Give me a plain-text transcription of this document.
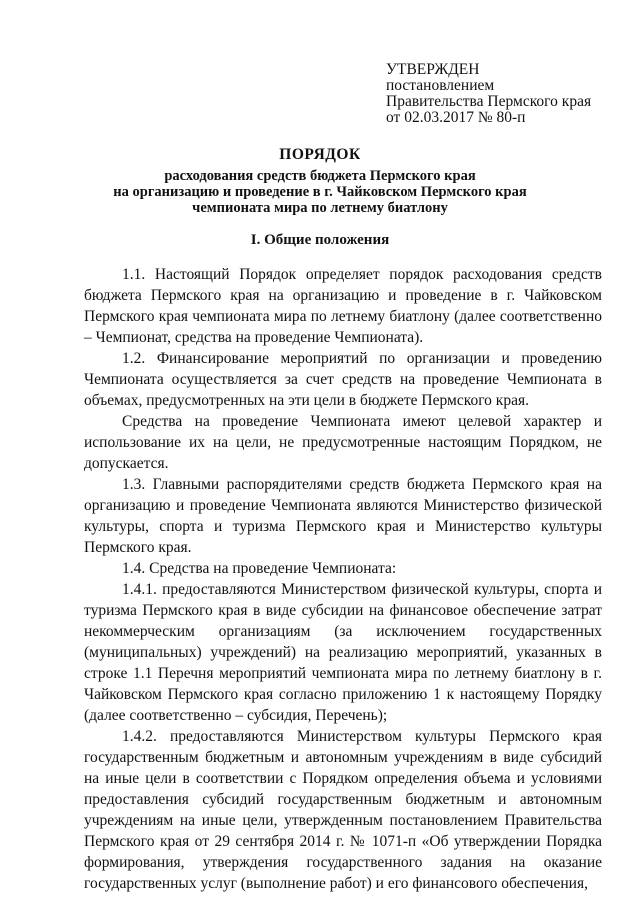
УТВЕРЖДЕН
постановлением
Правительства Пермского края
от 02.03.2017 № 80-п
ПОРЯДОК
расходования средств бюджета Пермского края
на организацию и проведение в г. Чайковском Пермского края
чемпионата мира по летнему биатлону
I. Общие положения

1.1. Настоящий Порядок определяет порядок расходования средств бюджета Пермского края на организацию и проведение в г. Чайковском Пермского края чемпионата мира по летнему биатлону (далее соответственно – Чемпионат, средства на проведение Чемпионата).

1.2. Финансирование мероприятий по организации и проведению Чемпионата осуществляется за счет средств на проведение Чемпионата в объемах, предусмотренных на эти цели в бюджете Пермского края.

Средства на проведение Чемпионата имеют целевой характер и использование их на цели, не предусмотренные настоящим Порядком, не допускается.

1.3. Главными распорядителями средств бюджета Пермского края на организацию и проведение Чемпионата являются Министерство физической культуры, спорта и туризма Пермского края и Министерство культуры Пермского края.

1.4. Средства на проведение Чемпионата:

1.4.1. предоставляются Министерством физической культуры, спорта и туризма Пермского края в виде субсидии на финансовое обеспечение затрат некоммерческим организациям (за исключением государственных (муниципальных) учреждений) на реализацию мероприятий, указанных в строке 1.1 Перечня мероприятий чемпионата мира по летнему биатлону в г. Чайковском Пермского края согласно приложению 1 к настоящему Порядку (далее соответственно – субсидия, Перечень);

1.4.2. предоставляются Министерством культуры Пермского края государственным бюджетным и автономным учреждениям в виде субсидий на иные цели в соответствии с Порядком определения объема и условиями предоставления субсидий государственным бюджетным и автономным учреждениям на иные цели, утвержденным постановлением Правительства Пермского края от 29 сентября 2014 г. № 1071-п «Об утверждении Порядка формирования, утверждения государственного задания на оказание государственных услуг (выполнение работ) и его финансового обеспечения,
